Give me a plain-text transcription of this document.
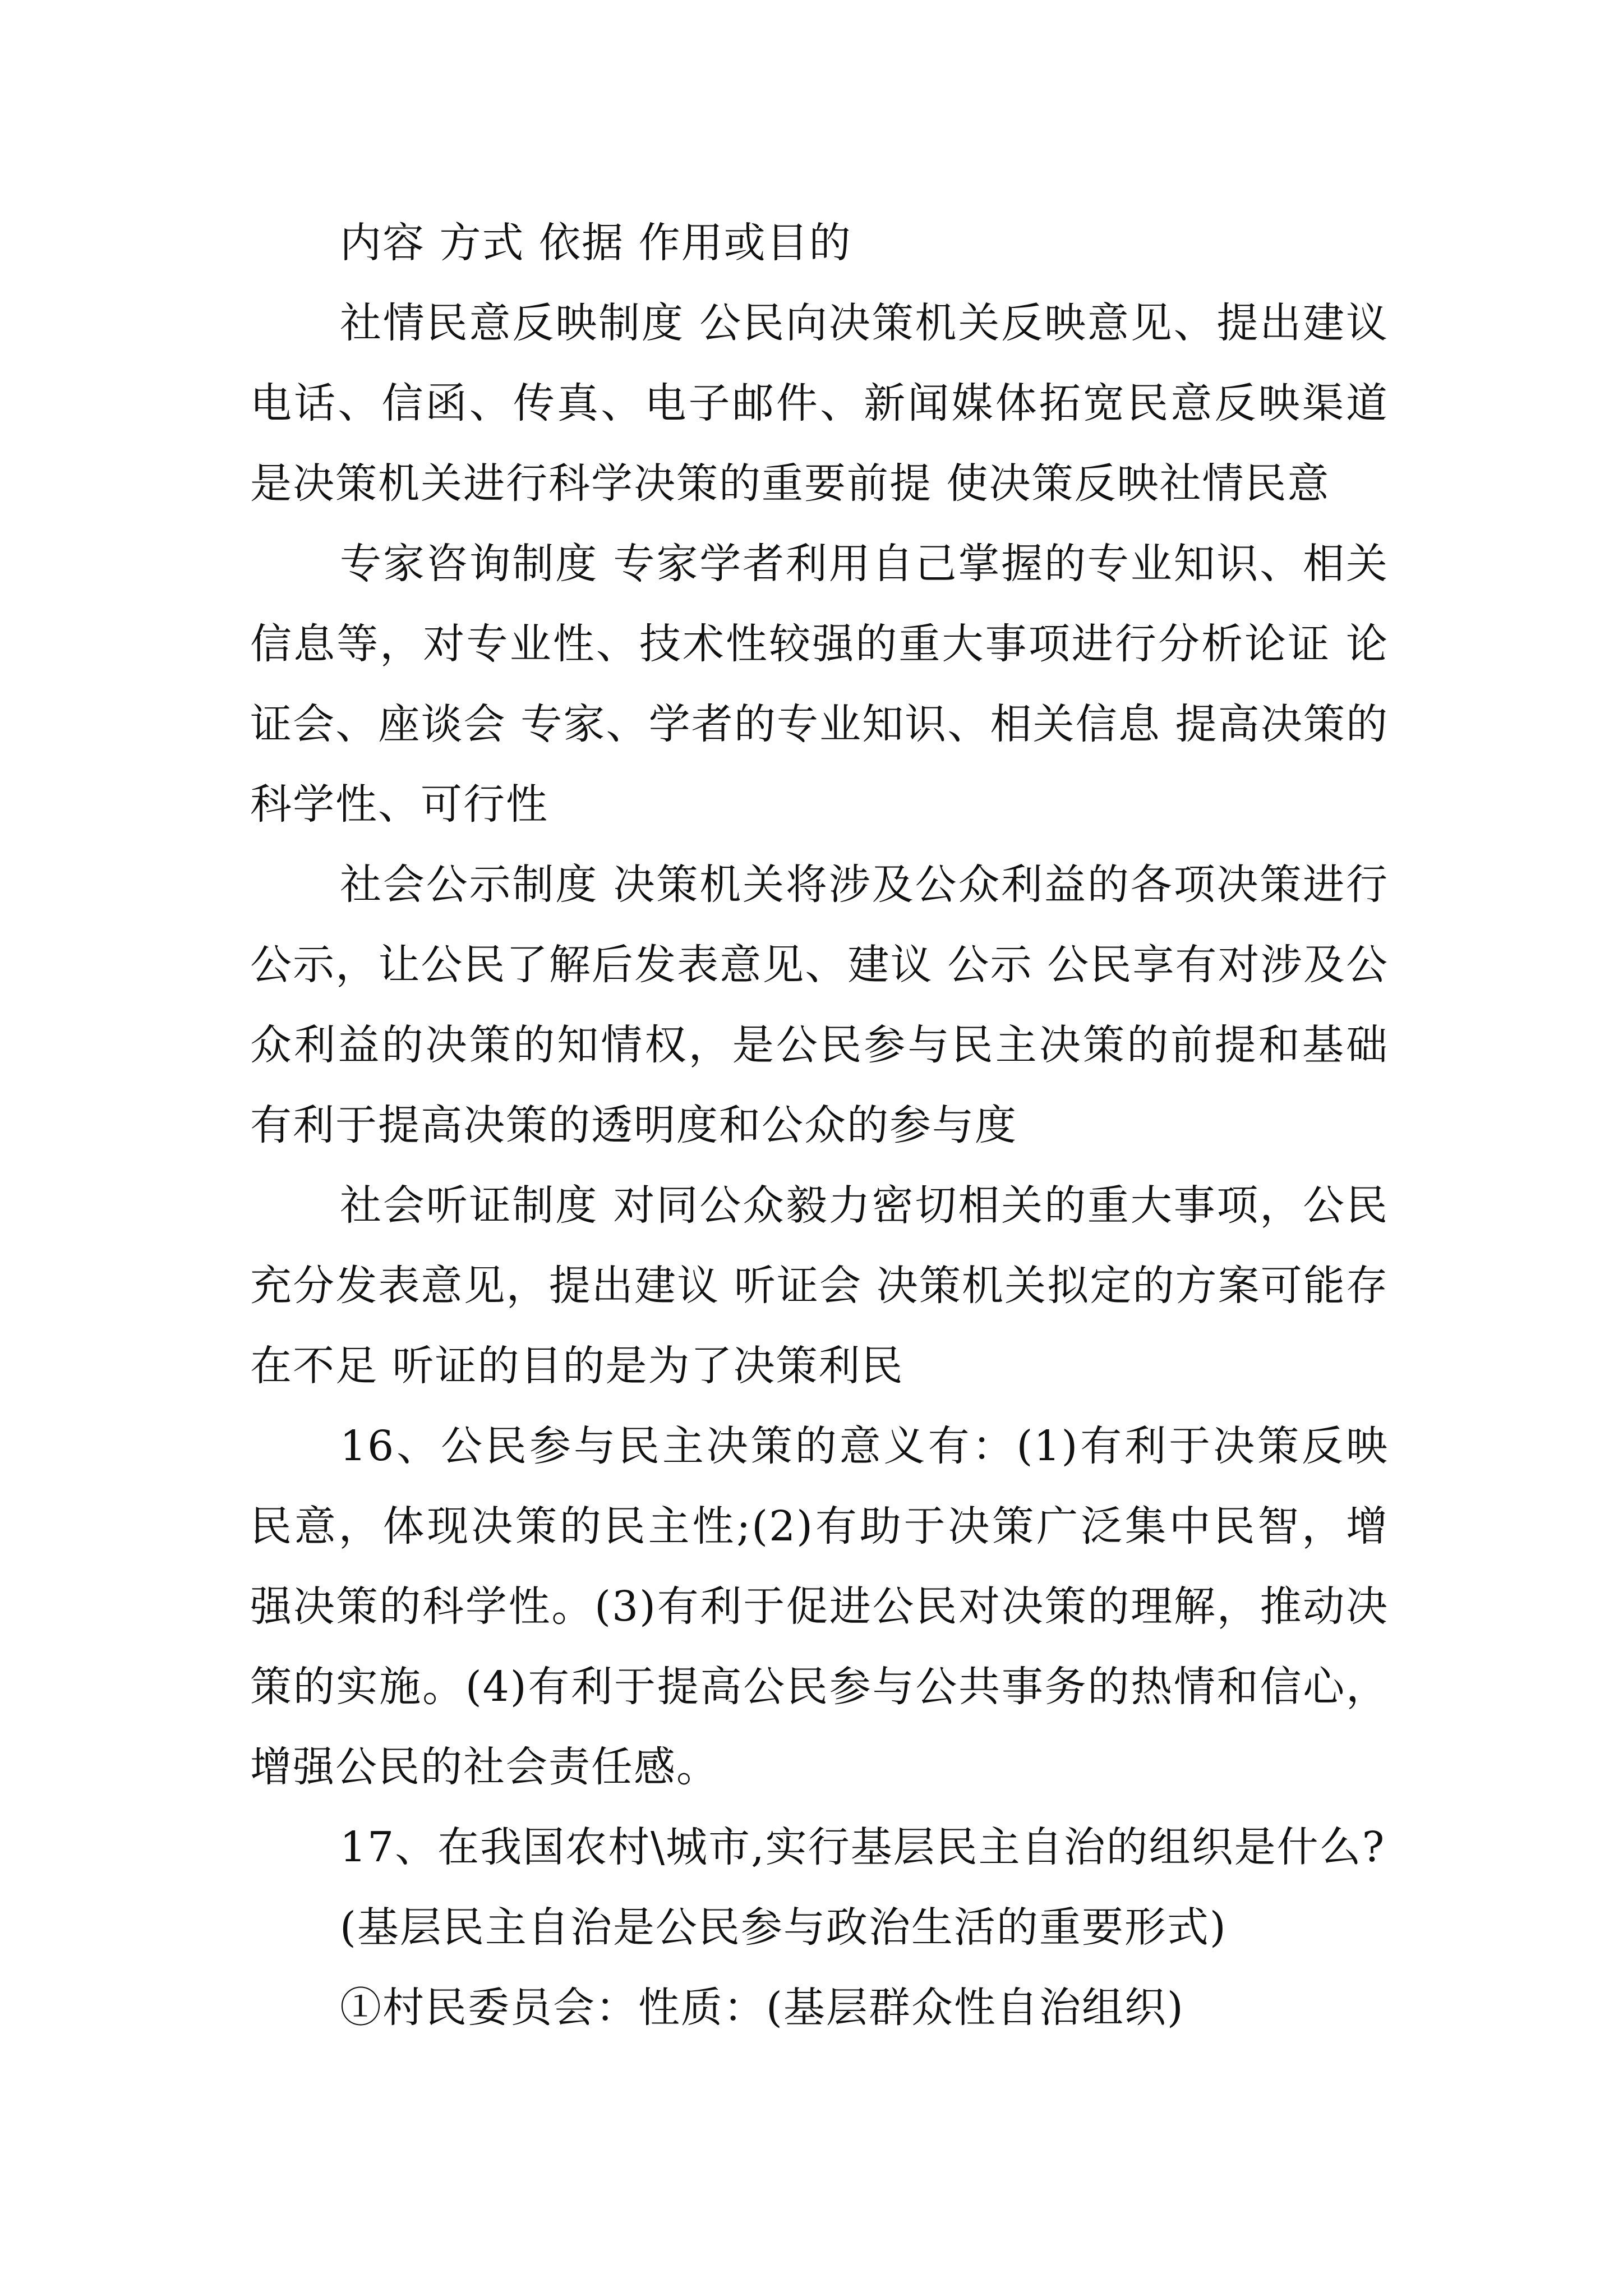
内容 方式 依据 作用或目的

社情民意反映制度 公民向决策机关反映意见、提出建议 电话、信函、传真、电子邮件、新闻媒体拓宽民意反映渠道 是决策机关进行科学决策的重要前提 使决策反映社情民意

专家咨询制度 专家学者利用自己掌握的专业知识、相关信息等，对专业性、技术性较强的重大事项进行分析论证 论证会、座谈会 专家、学者的专业知识、相关信息 提高决策的科学性、可行性

社会公示制度 决策机关将涉及公众利益的各项决策进行公示，让公民了解后发表意见、建议 公示 公民享有对涉及公众利益的决策的知情权，是公民参与民主决策的前提和基础 有利于提高决策的透明度和公众的参与度

社会听证制度 对同公众毅力密切相关的重大事项，公民充分发表意见，提出建议 听证会 决策机关拟定的方案可能存在不足 听证的目的是为了决策利民

16、公民参与民主决策的意义有：(1)有利于决策反映民意，体现决策的民主性;(2)有助于决策广泛集中民智，增强决策的科学性。(3)有利于促进公民对决策的理解，推动决策的实施。(4)有利于提高公民参与公共事务的热情和信心，增强公民的社会责任感。

17、在我国农村\城市,实行基层民主自治的组织是什么?

(基层民主自治是公民参与政治生活的重要形式)

①村民委员会：性质：(基层群众性自治组织)
